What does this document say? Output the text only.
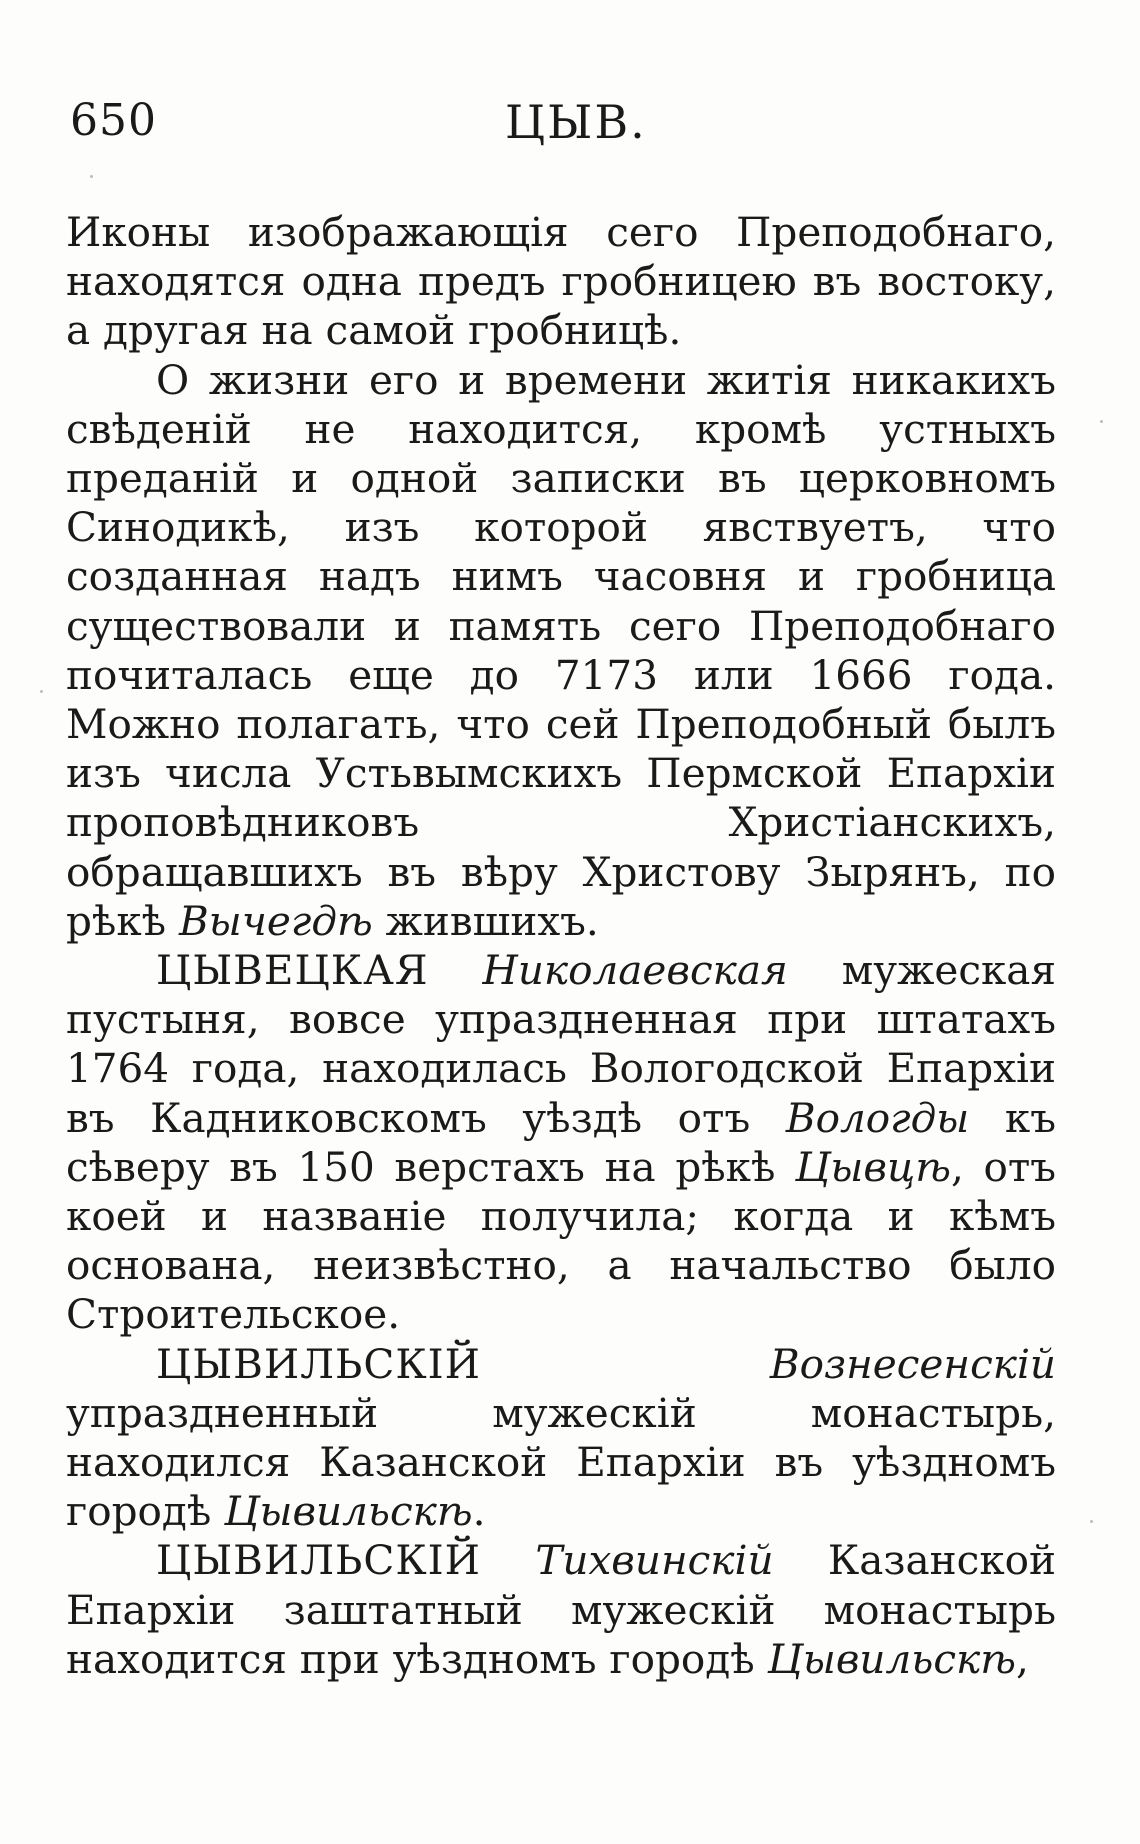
650	ЦЫВ.

Иконы изображающія сего Преподобнаго, находятся одна предъ гробницею въ востоку, а другая на самой гробницѣ.

О жизни его и времени житія никакихъ свѣденій не находится, кромѣ устныхъ преданій и одной записки въ церковномъ Синодикѣ, изъ которой явствуетъ, что созданная надъ нимъ часовня и гробница существовали и память сего Преподобнаго почиталась еще до 7173 или 1666 года. Можно полагать, что сей Преподобный былъ изъ числа Устьвымскихъ Пермской Епархіи проповѣдниковъ Христіанскихъ, обращавшихъ въ вѣру Христову Зырянъ, по рѣкѣ Вычегдѣ жившихъ.

ЦЫВЕЦКАЯ Николаевская мужеская пустыня, вовсе упраздненная при штатахъ 1764 года, находилась Вологодской Епархіи въ Кадниковскомъ уѣздѣ отъ Вологды къ сѣверу въ 150 верстахъ на рѣкѣ Цывцѣ, отъ коей и названіе получила; когда и кѣмъ основана, неизвѣстно, а начальство было Строительское.

ЦЫВИЛЬСКІЙ	Вознесенскій упраздненный мужескій монастырь, находился Казанской Епархіи въ уѣздномъ городѣ Цывильскѣ.

ЦЫВИЛЬСКІЙ Тихвинскій Казанской Епархіи заштатный мужескій монастырь находится при уѣздномъ городѣ Цывильскѣ,
